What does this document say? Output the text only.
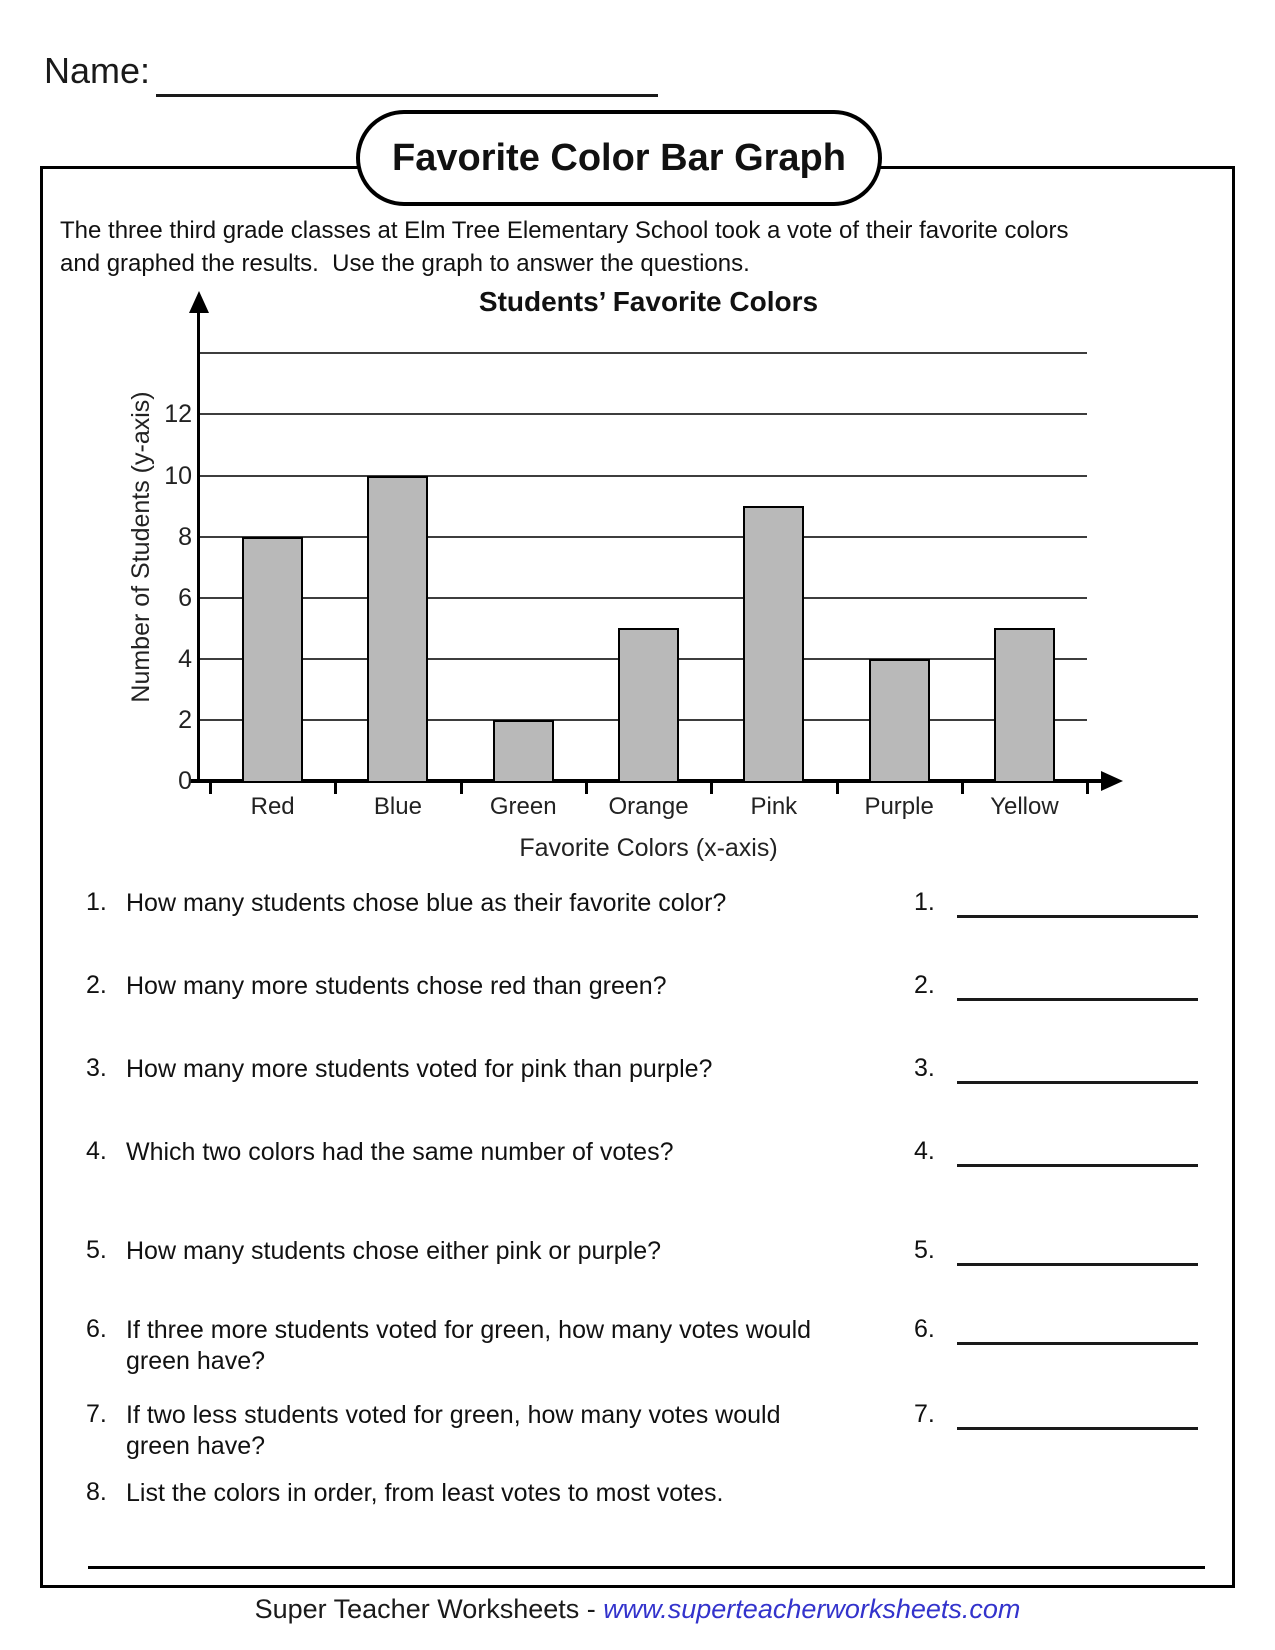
Name:
Favorite Color Bar Graph
The three third grade classes at Elm Tree Elementary School took a vote of their favorite colors
and graphed the results.  Use the graph to answer the questions.
Students’ Favorite Colors
Number of Students (y-axis)
Favorite Colors (x-axis)
0
2
4
6
8
10
12
Red	Blue	Green	Orange	Pink	Purple	Yellow
1. How many students chose blue as their favorite color?	1.
2. How many more students chose red than green?	2.
3. How many more students voted for pink than purple?	3.
4. Which two colors had the same number of votes?	4.
5. How many students chose either pink or purple?	5.
6. If three more students voted for green, how many votes would
green have?
6.
7. If two less students voted for green, how many votes would
green have?
7.
8. List the colors in order, from least votes to most votes.
Super Teacher Worksheets - www.superteacherworksheets.com
